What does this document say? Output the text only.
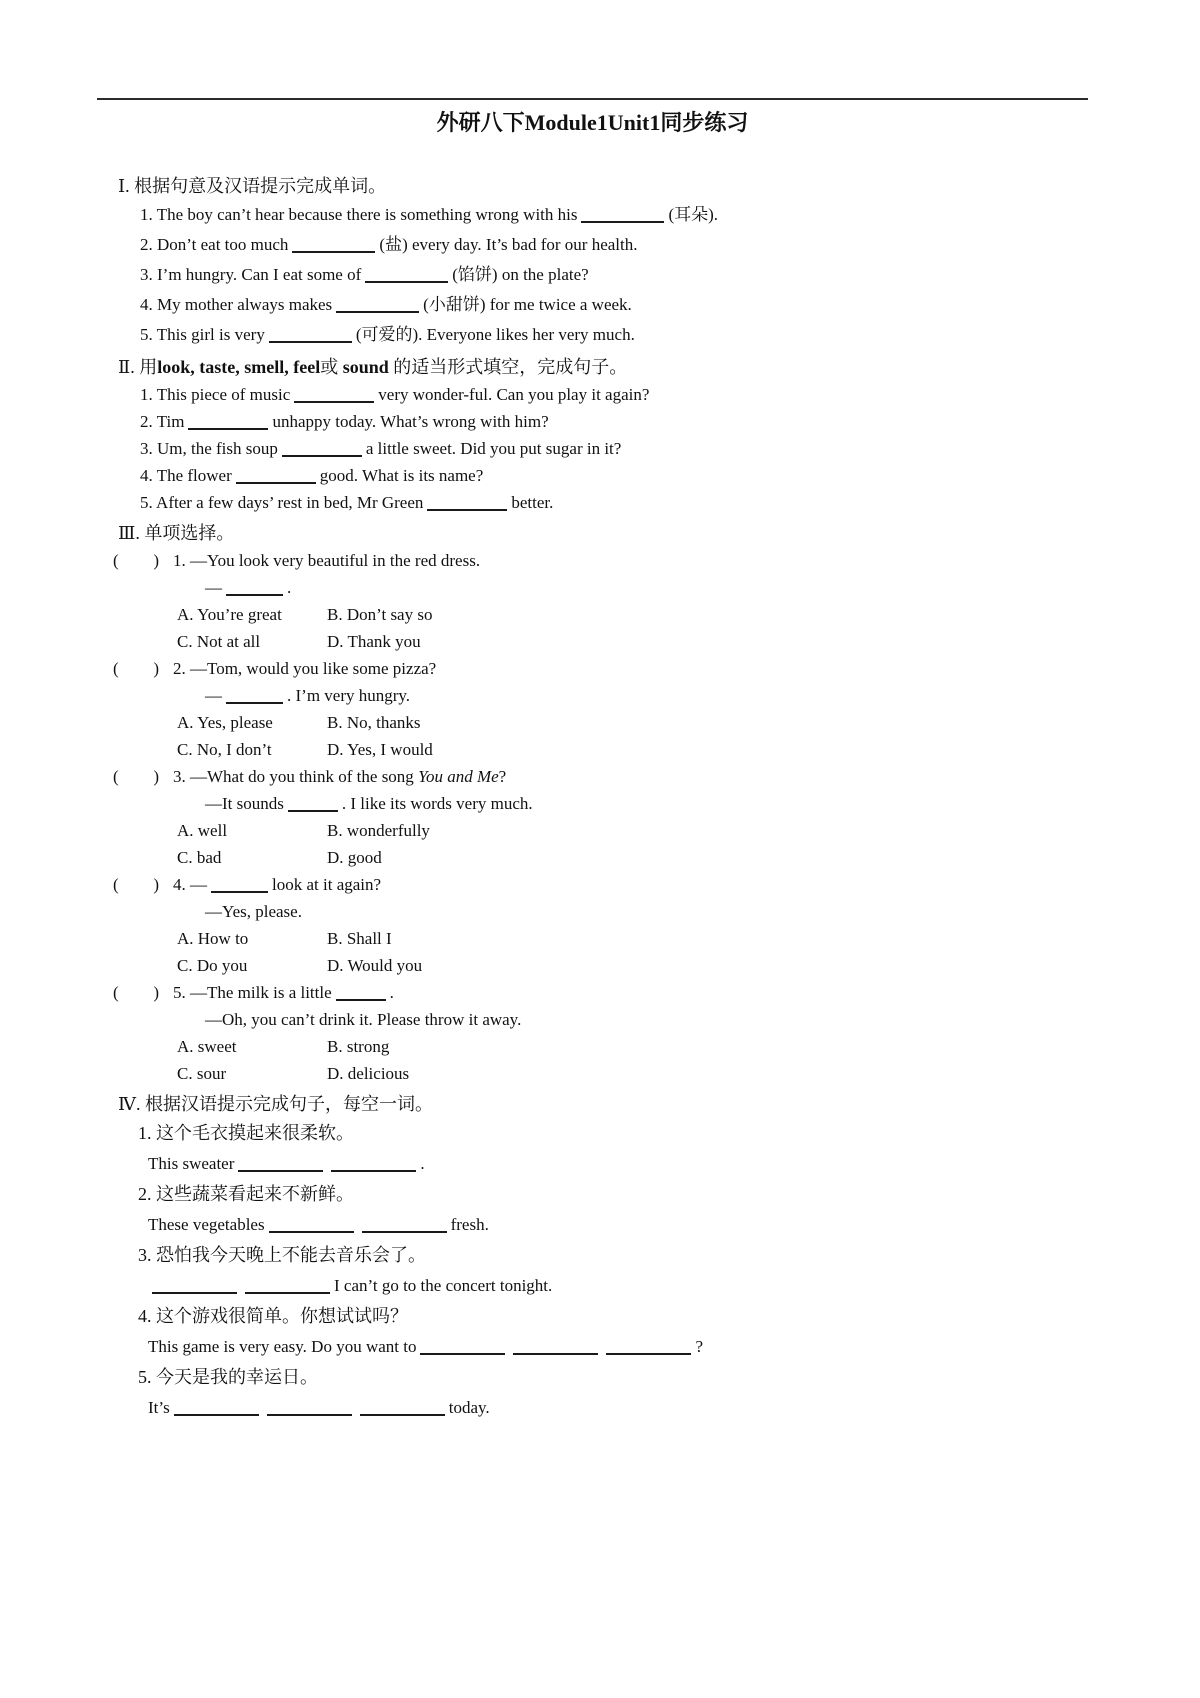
外研八下Module1Unit1同步练习
Ⅰ. 根据句意及汉语提示完成单词。
1. The boy can’t hear because there is something wrong with his	(耳朵).
2. Don’t eat too much	(盐) every day. It’s bad for our health.
3. I’m hungry. Can I eat some of	(馅饼) on the plate?
4. My mother always makes	(小甜饼) for me twice a week.
5. This girl is very	(可爱的). Everyone likes her very much.
Ⅱ. 用look, taste, smell, feel或 sound 的适当形式填空，完成句子。
1. This piece of music	very wonder-ful. Can you play it again?
2. Tim	unhappy today. What’s wrong with him?
3. Um, the fish soup	a little sweet. Did you put sugar in it?
4. The flower	good. What is its name?
5. After a few days’ rest in bed, Mr Green	better.
Ⅲ. 单项选择。
( ) 1. —You look very beautiful in the red dress.
—	.
A. You’re great	B. Don’t say so
C. Not at all	D. Thank you
( ) 2. —Tom, would you like some pizza?
—	. I’m very hungry.
A. Yes, please	B. No, thanks
C. No, I don’t	D. Yes, I would
( ) 3. —What do you think of the song You and Me?
—It sounds	. I like its words very much.
A. well	B. wonderfully
C. bad	D. good
( ) 4. —	look at it again?
—Yes, please.
A. How to	B. Shall I
C. Do you	D. Would you
( ) 5. —The milk is a little	.
—Oh, you can’t drink it. Please throw it away.
A. sweet	B. strong
C. sour	D. delicious
Ⅳ. 根据汉语提示完成句子，每空一词。
1. 这个毛衣摸起来很柔软。
This sweater	.
2. 这些蔬菜看起来不新鲜。
These vegetables	fresh.
3. 恐怕我今天晚上不能去音乐会了。
I can’t go to the concert tonight.
4. 这个游戏很简单。你想试试吗？
This game is very easy. Do you want to	?
5. 今天是我的幸运日。
It’s	today.
